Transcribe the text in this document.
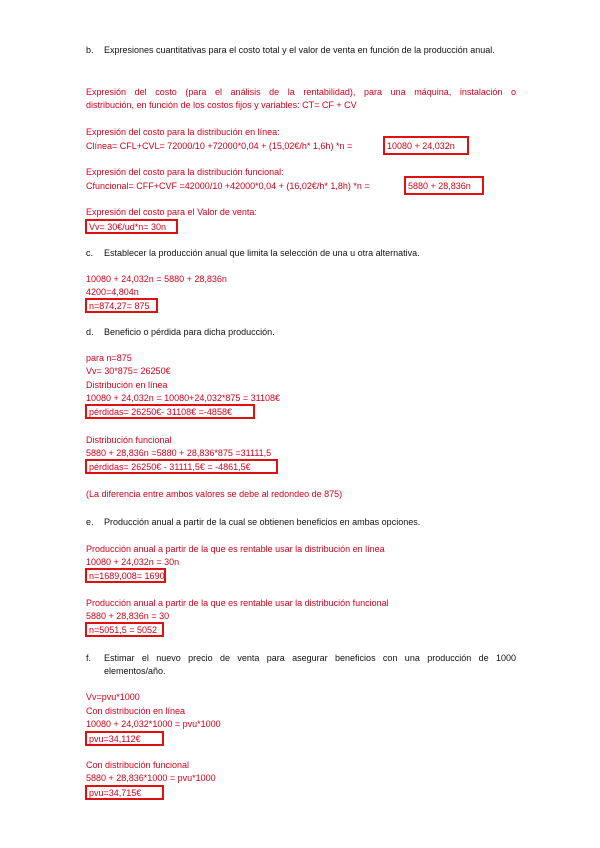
b.	Expresiones cuantitativas para el costo total y el valor de venta en función de la producción anual.
Expresión del costo (para el análisis de la rentabilidad), para una máquina, instalación o
distribución, en función de los costos fijos y variables: CT= CF + CV
Expresión del costo para la distribución en línea:
Clínea= CFL+CVL= 72000/10 +72000*0,04 + (15,02€/h* 1,6h) *n =	10080 + 24,032n
Expresión del costo para la distribución funcional:
Cfuncional= CFF+CVF =42000/10 +42000*0,04 + (16,02€/h* 1,8h) *n =	5880 + 28,836n
Expresión del costo para el Valor de venta:
Vv= 30€/ud*n= 30n
c.	Establecer la producción anual que limita la selección de una u otra alternativa.
10080 + 24,032n = 5880 + 28,836n
4200=4,804n
n=874,27= 875
d.	Beneficio o pérdida para dicha producción.
para n=875
Vv= 30*875= 26250€
Distribución en línea
10080 + 24,032n = 10080+24,032*875 = 31108€
pérdidas= 26250€- 31108€ =-4858€
Distribución funcional
5880 + 28,836n =5880 + 28,836*875 =31111,5
pérdidas= 26250€ - 31111,5€ = -4861,5€
(La diferencia entre ambos valores se debe al redondeo de 875)
e.	Producción anual a partir de la cual se obtienen beneficios en ambas opciones.
Producción anual a partir de la que es rentable usar la distribución en línea
10080 + 24,032n = 30n
n=1689,008= 1690
Producción anual a partir de la que es rentable usar la distribución funcional
5880 + 28,836n = 30
n=5051,5 = 5052
f.	Estimar el nuevo precio de venta para asegurar beneficios con una producción de 1000 elementos/año.
Vv=pvu*1000
Con distribución en línea
10080 + 24,032*1000 = pvu*1000
pvu=34,112€
Con distribución funcional
5880 + 28,836*1000 = pvu*1000
pvu=34,715€
